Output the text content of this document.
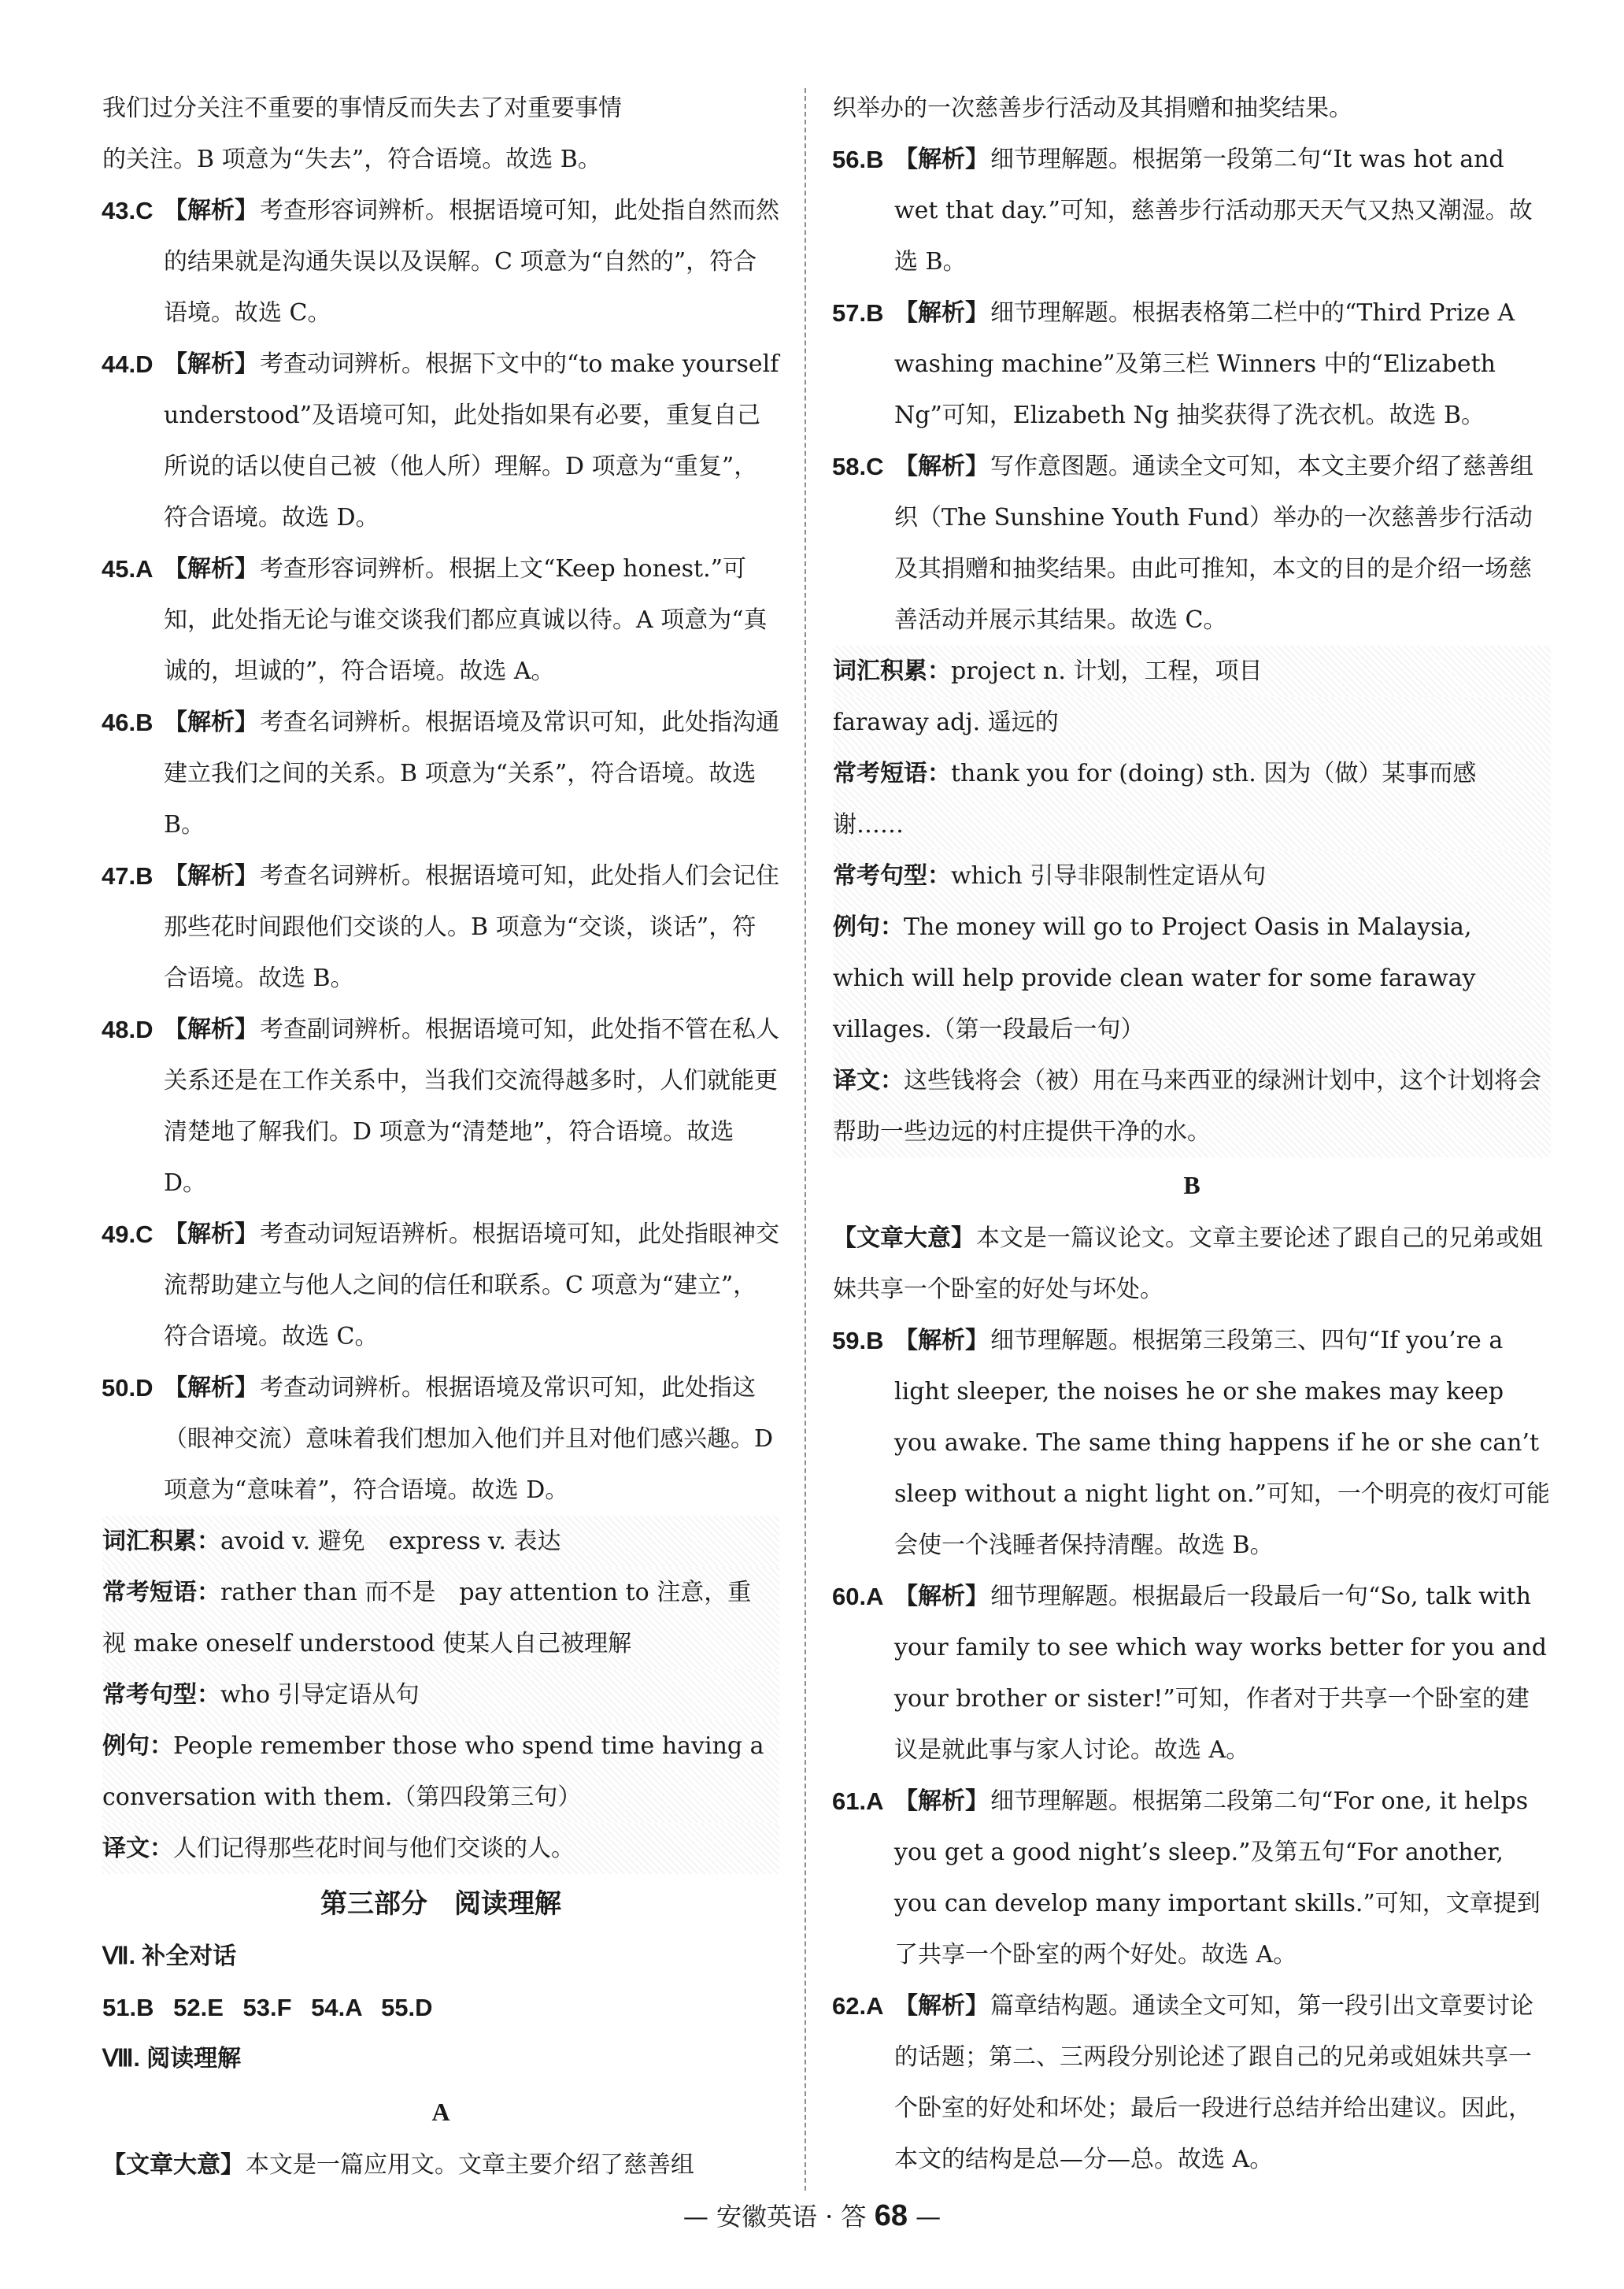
我们过分关注不重要的事情反而失去了对重要事情

的关注。B 项意为“失去”，符合语境。故选 B。

43.C 【解析】考查形容词辨析。根据语境可知，此处指自然而然的结果就是沟通失误以及误解。C 项意为“自然的”，符合语境。故选 C。

44.D 【解析】考查动词辨析。根据下文中的“to make yourself understood”及语境可知，此处指如果有必要，重复自己所说的话以使自己被（他人所）理解。D 项意为“重复”，符合语境。故选 D。

45.A 【解析】考查形容词辨析。根据上文“Keep honest.”可知，此处指无论与谁交谈我们都应真诚以待。A 项意为“真诚的，坦诚的”，符合语境。故选 A。

46.B 【解析】考查名词辨析。根据语境及常识可知，此处指沟通建立我们之间的关系。B 项意为“关系”，符合语境。故选 B。

47.B 【解析】考查名词辨析。根据语境可知，此处指人们会记住那些花时间跟他们交谈的人。B 项意为“交谈，谈话”，符合语境。故选 B。

48.D 【解析】考查副词辨析。根据语境可知，此处指不管在私人关系还是在工作关系中，当我们交流得越多时，人们就能更清楚地了解我们。D 项意为“清楚地”，符合语境。故选 D。

49.C 【解析】考查动词短语辨析。根据语境可知，此处指眼神交流帮助建立与他人之间的信任和联系。C 项意为“建立”，符合语境。故选 C。

50.D 【解析】考查动词辨析。根据语境及常识可知，此处指这（眼神交流）意味着我们想加入他们并且对他们感兴趣。D 项意为“意味着”，符合语境。故选 D。

词汇积累：avoid v. 避免　express v. 表达

常考短语：rather than 而不是　pay attention to 注意，重视 make oneself understood 使某人自己被理解

常考句型：who 引导定语从句

例句：People remember those who spend time having a conversation with them.（第四段第三句）

译文：人们记得那些花时间与他们交谈的人。

第三部分　阅读理解

Ⅶ. 补全对话

51.B 52.E 53.F 54.A 55.D

Ⅷ. 阅读理解

A

【文章大意】本文是一篇应用文。文章主要介绍了慈善组

织举办的一次慈善步行活动及其捐赠和抽奖结果。

56.B 【解析】细节理解题。根据第一段第二句“It was hot and wet that day.”可知，慈善步行活动那天天气又热又潮湿。故选 B。

57.B 【解析】细节理解题。根据表格第二栏中的“Third Prize A washing machine”及第三栏 Winners 中的“Elizabeth Ng”可知，Elizabeth Ng 抽奖获得了洗衣机。故选 B。

58.C 【解析】写作意图题。通读全文可知，本文主要介绍了慈善组织（The Sunshine Youth Fund）举办的一次慈善步行活动及其捐赠和抽奖结果。由此可推知，本文的目的是介绍一场慈善活动并展示其结果。故选 C。

词汇积累：project n. 计划，工程，项目

faraway adj. 遥远的

常考短语：thank you for (doing) sth. 因为（做）某事而感谢……

常考句型：which 引导非限制性定语从句

例句：The money will go to Project Oasis in Malaysia, which will help provide clean water for some faraway villages.（第一段最后一句）

译文：这些钱将会（被）用在马来西亚的绿洲计划中，这个计划将会帮助一些边远的村庄提供干净的水。

B

【文章大意】本文是一篇议论文。文章主要论述了跟自己的兄弟或姐妹共享一个卧室的好处与坏处。

59.B 【解析】细节理解题。根据第三段第三、四句“If you’re a light sleeper, the noises he or she makes may keep you awake. The same thing happens if he or she can’t sleep without a night light on.”可知，一个明亮的夜灯可能会使一个浅睡者保持清醒。故选 B。

60.A 【解析】细节理解题。根据最后一段最后一句“So, talk with your family to see which way works better for you and your brother or sister!”可知，作者对于共享一个卧室的建议是就此事与家人讨论。故选 A。

61.A 【解析】细节理解题。根据第二段第二句“For one, it helps you get a good night’s sleep.”及第五句“For another, you can develop many important skills.”可知，文章提到了共享一个卧室的两个好处。故选 A。

62.A 【解析】篇章结构题。通读全文可知，第一段引出文章要讨论的话题；第二、三两段分别论述了跟自己的兄弟或姐妹共享一个卧室的好处和坏处；最后一段进行总结并给出建议。因此，本文的结构是总—分—总。故选 A。

— 安徽英语 · 答 68 —
